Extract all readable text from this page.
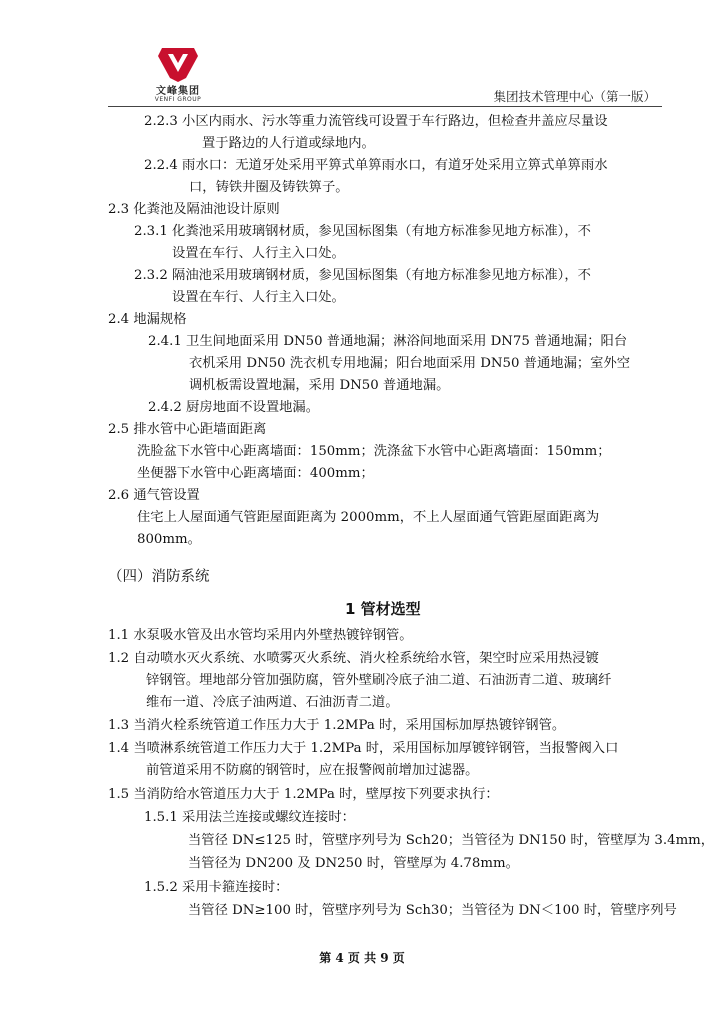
文峰集团
VENFI GROUP	集团技术管理中心（第一版）
2.2.3 小区内雨水、污水等重力流管线可设置于车行路边，但检查井盖应尽量设
置于路边的人行道或绿地内。
2.2.4 雨水口：无道牙处采用平箅式单箅雨水口，有道牙处采用立箅式单箅雨水
口，铸铁井圈及铸铁箅子。
2.3 化粪池及隔油池设计原则
2.3.1 化粪池采用玻璃钢材质，参见国标图集（有地方标准参见地方标准），不
设置在车行、人行主入口处。
2.3.2 隔油池采用玻璃钢材质，参见国标图集（有地方标准参见地方标准），不
设置在车行、人行主入口处。
2.4 地漏规格
2.4.1 卫生间地面采用 DN50 普通地漏；淋浴间地面采用 DN75 普通地漏；阳台
衣机采用 DN50 洗衣机专用地漏；阳台地面采用 DN50 普通地漏；室外空
调机板需设置地漏，采用 DN50 普通地漏。
2.4.2 厨房地面不设置地漏。
2.5 排水管中心距墙面距离
洗脸盆下水管中心距离墙面：150mm；洗涤盆下水管中心距离墙面：150mm；
坐便器下水管中心距离墙面：400mm；
2.6 通气管设置
住宅上人屋面通气管距屋面距离为 2000mm，不上人屋面通气管距屋面距离为
800mm。
（四）消防系统
1 管材选型
1.1 水泵吸水管及出水管均采用内外壁热镀锌钢管。
1.2 自动喷水灭火系统、水喷雾灭火系统、消火栓系统给水管，架空时应采用热浸镀
锌钢管。埋地部分管加强防腐，管外壁刷冷底子油二道、石油沥青二道、玻璃纤
维布一道、冷底子油两道、石油沥青二道。
1.3 当消火栓系统管道工作压力大于 1.2MPa 时，采用国标加厚热镀锌钢管。
1.4 当喷淋系统管道工作压力大于 1.2MPa 时，采用国标加厚镀锌钢管，当报警阀入口
前管道采用不防腐的钢管时，应在报警阀前增加过滤器。
1.5 当消防给水管道压力大于 1.2MPa 时，壁厚按下列要求执行：
1.5.1 采用法兰连接或螺纹连接时：
当管径 DN≤125 时，管壁序列号为 Sch20；当管径为 DN150 时，管壁厚为 3.4mm，
当管径为 DN200 及 DN250 时，管壁厚为 4.78mm。
1.5.2 采用卡箍连接时：
当管径 DN≥100 时，管壁序列号为 Sch30；当管径为 DN＜100 时，管壁序列号
第 4 页 共 9 页
